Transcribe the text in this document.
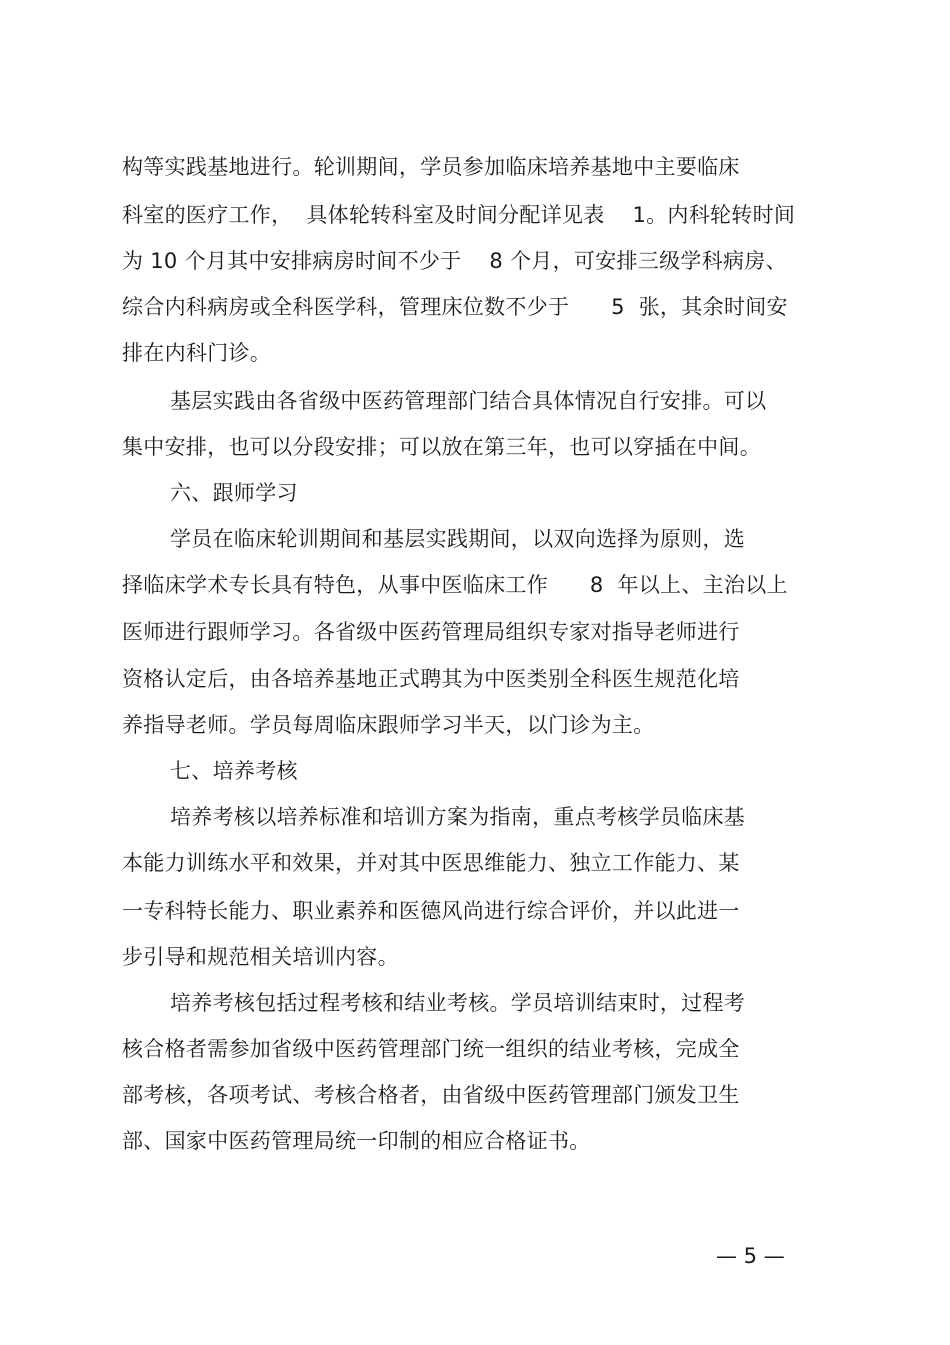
构等实践基地进行。轮训期间，学员参加临床培养基地中主要临床
科室的医疗工作，  具体轮转科室及时间分配详见表    1。内科轮转时间
为 10 个月其中安排病房时间不少于    8 个月，可安排三级学科病房、
综合内科病房或全科医学科，管理床位数不少于      5  张，其余时间安
排在内科门诊。
基层实践由各省级中医药管理部门结合具体情况自行安排。可以
集中安排，也可以分段安排；可以放在第三年，也可以穿插在中间。
六、跟师学习
学员在临床轮训期间和基层实践期间，以双向选择为原则，选
择临床学术专长具有特色，从事中医临床工作      8  年以上、主治以上
医师进行跟师学习。各省级中医药管理局组织专家对指导老师进行
资格认定后，由各培养基地正式聘其为中医类别全科医生规范化培
养指导老师。学员每周临床跟师学习半天，以门诊为主。
七、培养考核
培养考核以培养标准和培训方案为指南，重点考核学员临床基
本能力训练水平和效果，并对其中医思维能力、独立工作能力、某
一专科特长能力、职业素养和医德风尚进行综合评价，并以此进一
步引导和规范相关培训内容。
培养考核包括过程考核和结业考核。学员培训结束时，过程考
核合格者需参加省级中医药管理部门统一组织的结业考核，完成全
部考核，各项考试、考核合格者，由省级中医药管理部门颁发卫生
部、国家中医药管理局统一印制的相应合格证书。
— 5 —
